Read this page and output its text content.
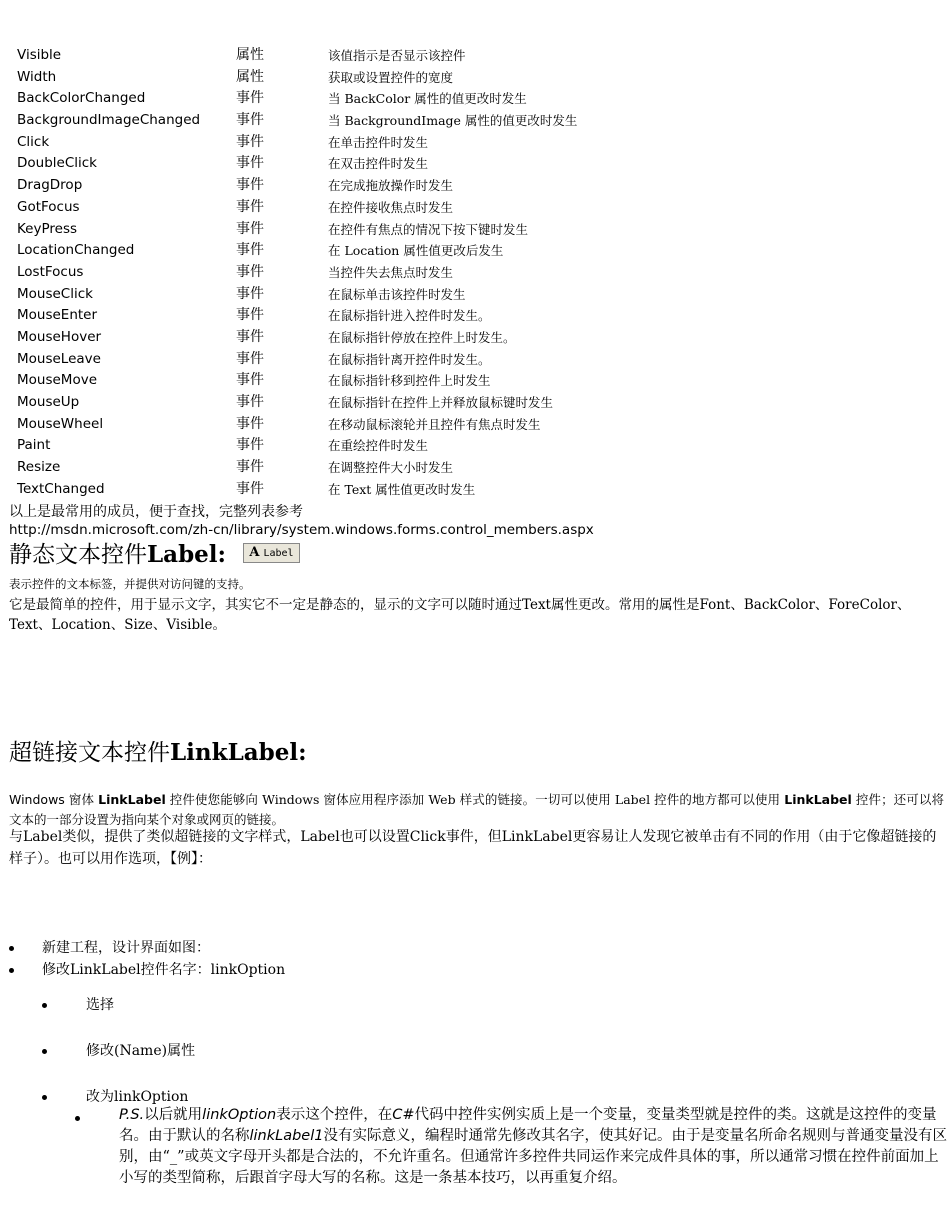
Visible	属性	该值指示是否显示该控件
Width	属性	获取或设置控件的宽度
BackColorChanged	事件	当 BackColor 属性的值更改时发生
BackgroundImageChanged	事件	当 BackgroundImage 属性的值更改时发生
Click	事件	在单击控件时发生
DoubleClick	事件	在双击控件时发生
DragDrop	事件	在完成拖放操作时发生
GotFocus	事件	在控件接收焦点时发生
KeyPress	事件	在控件有焦点的情况下按下键时发生
LocationChanged	事件	在 Location 属性值更改后发生
LostFocus	事件	当控件失去焦点时发生
MouseClick	事件	在鼠标单击该控件时发生
MouseEnter	事件	在鼠标指针进入控件时发生。
MouseHover	事件	在鼠标指针停放在控件上时发生。
MouseLeave	事件	在鼠标指针离开控件时发生。
MouseMove	事件	在鼠标指针移到控件上时发生
MouseUp	事件	在鼠标指针在控件上并释放鼠标键时发生
MouseWheel	事件	在移动鼠标滚轮并且控件有焦点时发生
Paint	事件	在重绘控件时发生
Resize	事件	在调整控件大小时发生
TextChanged	事件	在 Text 属性值更改时发生
以上是最常用的成员，便于查找，完整列表参考
http://msdn.microsoft.com/zh-cn/library/system.windows.forms.control_members.aspx
静态文本控件Label: A Label
表示控件的文本标签，并提供对访问键的支持。
它是最简单的控件，用于显示文字，其实它不一定是静态的，显示的文字可以随时通过Text属性更改。常用的属性是Font、BackColor、ForeColor、Text、Location、Size、Visible。
超链接文本控件LinkLabel:
Windows 窗体 LinkLabel 控件使您能够向 Windows 窗体应用程序添加 Web 样式的链接。一切可以使用 Label 控件的地方都可以使用 LinkLabel 控件；还可以将文本的一部分设置为指向某个对象或网页的链接。
与Label类似，提供了类似超链接的文字样式，Label也可以设置Click事件，但LinkLabel更容易让人发现它被单击有不同的作用（由于它像超链接的样子）。也可以用作选项，【例】：
新建工程，设计界面如图：
修改LinkLabel控件名字：linkOption
选择
修改(Name)属性
改为linkOption
P.S.以后就用linkOption表示这个控件，在C#代码中控件实例实质上是一个变量，变量类型就是控件的类。这就是这控件的变量名。由于默认的名称linkLabel1没有实际意义，编程时通常先修改其名字，使其好记。由于是变量名所命名规则与普通变量没有区别，由“_”或英文字母开头都是合法的，不允许重名。但通常许多控件共同运作来完成件具体的事，所以通常习惯在控件前面加上小写的类型简称，后跟首字母大写的名称。这是一条基本技巧，以再重复介绍。
